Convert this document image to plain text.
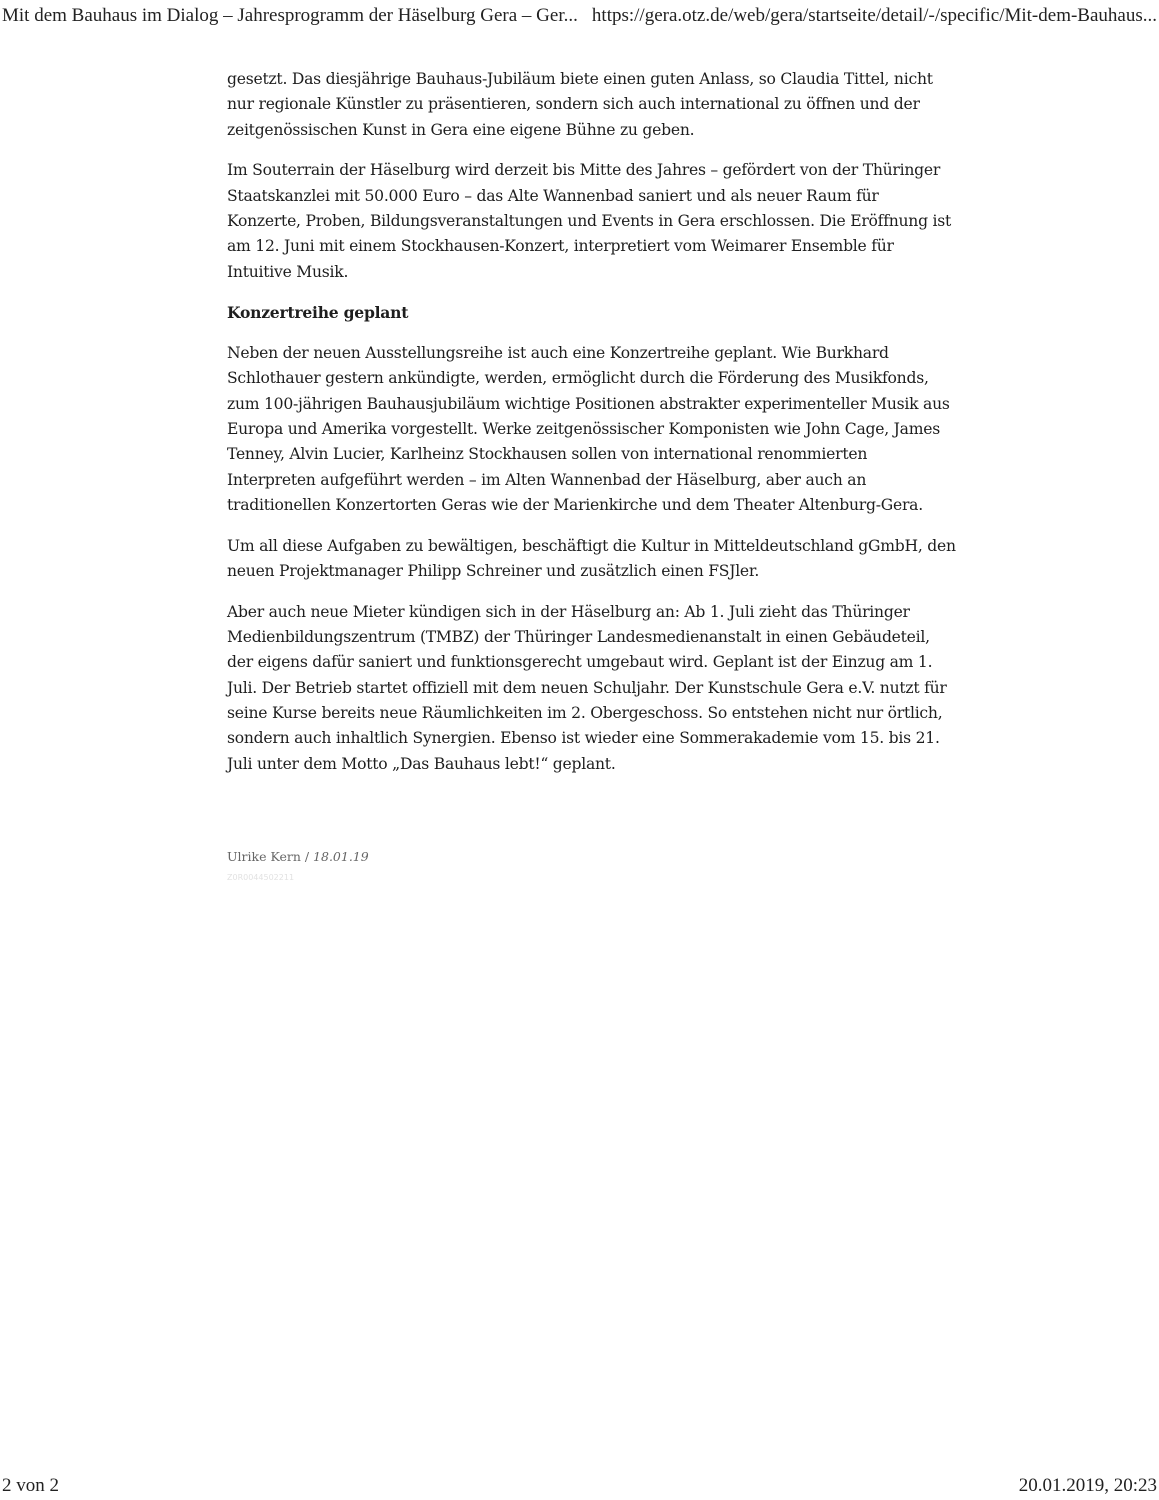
Mit dem Bauhaus im Dialog – Jahresprogramm der Häselburg Gera – Ger... https://gera.otz.de/web/gera/startseite/detail/-/specific/Mit-dem-Bauhaus...

gesetzt. Das diesjährige Bauhaus-Jubiläum biete einen guten Anlass, so Claudia Tittel, nicht nur regionale Künstler zu präsentieren, sondern sich auch international zu öffnen und der zeitgenössischen Kunst in Gera eine eigene Bühne zu geben.

Im Souterrain der Häselburg wird derzeit bis Mitte des Jahres – gefördert von der Thüringer Staatskanzlei mit 50.000 Euro – das Alte Wannenbad saniert und als neuer Raum für Konzerte, Proben, Bildungsveranstaltungen und Events in Gera erschlossen. Die Eröffnung ist am 12. Juni mit einem Stockhausen-Konzert, interpretiert vom Weimarer Ensemble für Intuitive Musik.

Konzertreihe geplant

Neben der neuen Ausstellungsreihe ist auch eine Konzertreihe geplant. Wie Burkhard Schlothauer gestern ankündigte, werden, ermöglicht durch die Förderung des Musikfonds, zum 100-jährigen Bauhausjubiläum wichtige Positionen abstrakter experimenteller Musik aus Europa und Amerika vorgestellt. Werke zeitgenössischer Komponisten wie John Cage, James Tenney, Alvin Lucier, Karlheinz Stockhausen sollen von international renommierten Interpreten aufgeführt werden – im Alten Wannenbad der Häselburg, aber auch an traditionellen Konzertorten Geras wie der Marienkirche und dem Theater Altenburg-Gera.

Um all diese Aufgaben zu bewältigen, beschäftigt die Kultur in Mitteldeutschland gGmbH, den neuen Projektmanager Philipp Schreiner und zusätzlich einen FSJler.

Aber auch neue Mieter kündigen sich in der Häselburg an: Ab 1. Juli zieht das Thüringer Medienbildungszentrum (TMBZ) der Thüringer Landesmedienanstalt in einen Gebäudeteil, der eigens dafür saniert und funktionsgerecht umgebaut wird. Geplant ist der Einzug am 1. Juli. Der Betrieb startet offiziell mit dem neuen Schuljahr. Der Kunstschule Gera e.V. nutzt für seine Kurse bereits neue Räumlichkeiten im 2. Obergeschoss. So entstehen nicht nur örtlich, sondern auch inhaltlich Synergien. Ebenso ist wieder eine Sommerakademie vom 15. bis 21. Juli unter dem Motto „Das Bauhaus lebt!“ geplant.

Ulrike Kern / 18.01.19
Z0R0044502211
2 von 2	20.01.2019, 20:23
